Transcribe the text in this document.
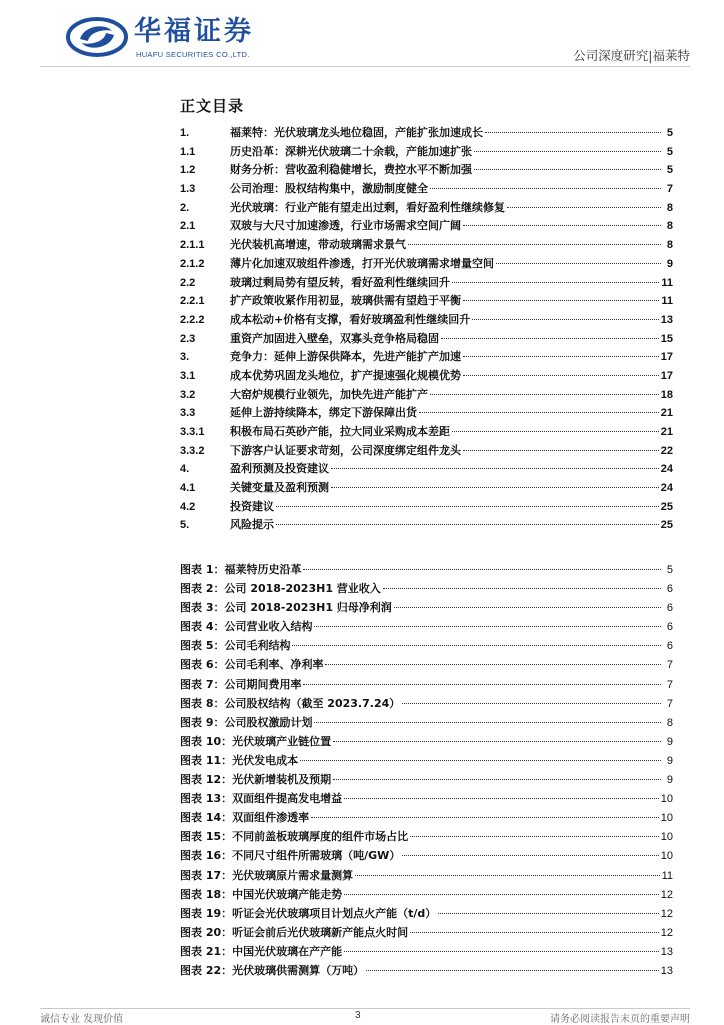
华福证券
HUAFU SECURITIES CO.,LTD.	公司深度研究|福莱特
正文目录
1.	福莱特：光伏玻璃龙头地位稳固，产能扩张加速成长	5
1.1	历史沿革：深耕光伏玻璃二十余载，产能加速扩张	5
1.2	财务分析：营收盈利稳健增长，费控水平不断加强	5
1.3	公司治理：股权结构集中，激励制度健全	7
2.	光伏玻璃：行业产能有望走出过剩，看好盈利性继续修复	8
2.1	双玻与大尺寸加速渗透，行业市场需求空间广阔	8
2.1.1	光伏装机高增速，带动玻璃需求景气	8
2.1.2	薄片化加速双玻组件渗透，打开光伏玻璃需求增量空间	9
2.2	玻璃过剩局势有望反转，看好盈利性继续回升	11
2.2.1	扩产政策收紧作用初显，玻璃供需有望趋于平衡	11
2.2.2	成本松动+价格有支撑，看好玻璃盈利性继续回升	13
2.3	重资产加固进入壁垒，双寡头竞争格局稳固	15
3.	竞争力：延伸上游保供降本，先进产能扩产加速	17
3.1	成本优势巩固龙头地位，扩产提速强化规模优势	17
3.2	大窑炉规模行业领先，加快先进产能扩产	18
3.3	延伸上游持续降本，绑定下游保障出货	21
3.3.1	积极布局石英砂产能，拉大同业采购成本差距	21
3.3.2	下游客户认证要求苛刻，公司深度绑定组件龙头	22
4.	盈利预测及投资建议	24
4.1	关键变量及盈利预测	24
4.2	投资建议	25
5.	风险提示	25
图表 1：福莱特历史沿革	5
图表 2：公司 2018-2023H1 营业收入	6
图表 3：公司 2018-2023H1 归母净利润	6
图表 4：公司营业收入结构	6
图表 5：公司毛利结构	6
图表 6：公司毛利率、净利率	7
图表 7：公司期间费用率	7
图表 8：公司股权结构（截至 2023.7.24）	7
图表 9：公司股权激励计划	8
图表 10：光伏玻璃产业链位置	9
图表 11：光伏发电成本	9
图表 12：光伏新增装机及预期	9
图表 13：双面组件提高发电增益	10
图表 14：双面组件渗透率	10
图表 15：不同前盖板玻璃厚度的组件市场占比	10
图表 16：不同尺寸组件所需玻璃（吨/GW）	10
图表 17：光伏玻璃原片需求量测算	11
图表 18：中国光伏玻璃产能走势	12
图表 19：听证会光伏玻璃项目计划点火产能（t/d）	12
图表 20：听证会前后光伏玻璃新产能点火时间	12
图表 21：中国光伏玻璃在产产能	13
图表 22：光伏玻璃供需测算（万吨）	13
诚信专业 发现价值	3	请务必阅读报告末页的重要声明
